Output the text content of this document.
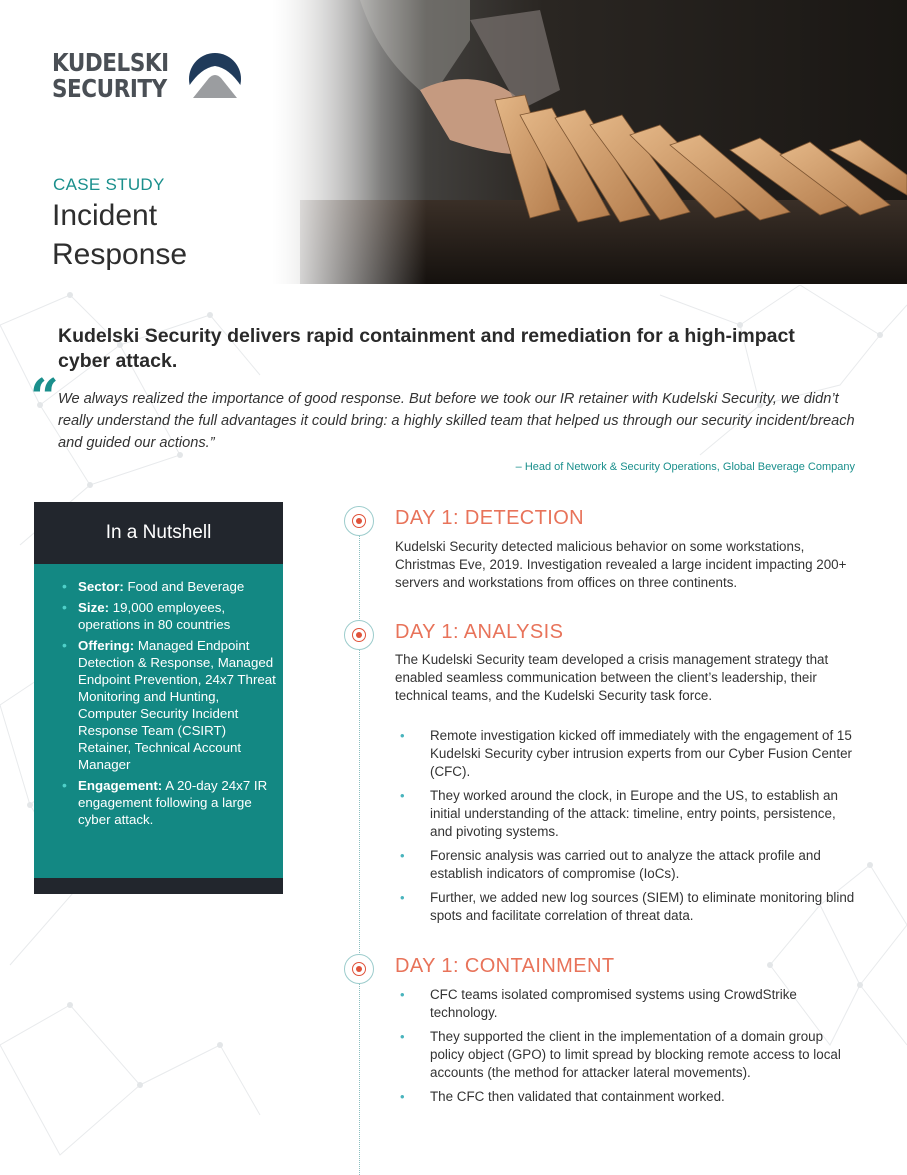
KUDELSKI
SECURITY
CASE STUDY
Incident
Response
Kudelski Security delivers rapid containment and remediation for a high-impact cyber attack.
“ We always realized the importance of good response. But before we took our IR retainer with Kudelski Security, we didn’t really understand the full advantages it could bring: a highly skilled team that helped us through our security incident/breach and guided our actions.”
– Head of Network & Security Operations, Global Beverage Company
In a Nutshell
• Sector: Food and Beverage
• Size: 19,000 employees, operations in 80 countries
• Offering: Managed Endpoint Detection & Response, Managed Endpoint Prevention, 24x7 Threat Monitoring and Hunting, Computer Security Incident Response Team (CSIRT) Retainer, Technical Account Manager
• Engagement: A 20-day 24x7 IR engagement following a large cyber attack.
DAY 1: DETECTION
Kudelski Security detected malicious behavior on some workstations, Christmas Eve, 2019. Investigation revealed a large incident impacting 200+ servers and workstations from offices on three continents.
DAY 1: ANALYSIS
The Kudelski Security team developed a crisis management strategy that enabled seamless communication between the client’s leadership, their technical teams, and the Kudelski Security task force.
• Remote investigation kicked off immediately with the engagement of 15 Kudelski Security cyber intrusion experts from our Cyber Fusion Center (CFC).
• They worked around the clock, in Europe and the US, to establish an initial understanding of the attack: timeline, entry points, persistence, and pivoting systems.
• Forensic analysis was carried out to analyze the attack profile and establish indicators of compromise (IoCs).
• Further, we added new log sources (SIEM) to eliminate monitoring blind spots and facilitate correlation of threat data.
DAY 1: CONTAINMENT
• CFC teams isolated compromised systems using CrowdStrike technology.
• They supported the client in the implementation of a domain group policy object (GPO) to limit spread by blocking remote access to local accounts (the method for attacker lateral movements).
• The CFC then validated that containment worked.
